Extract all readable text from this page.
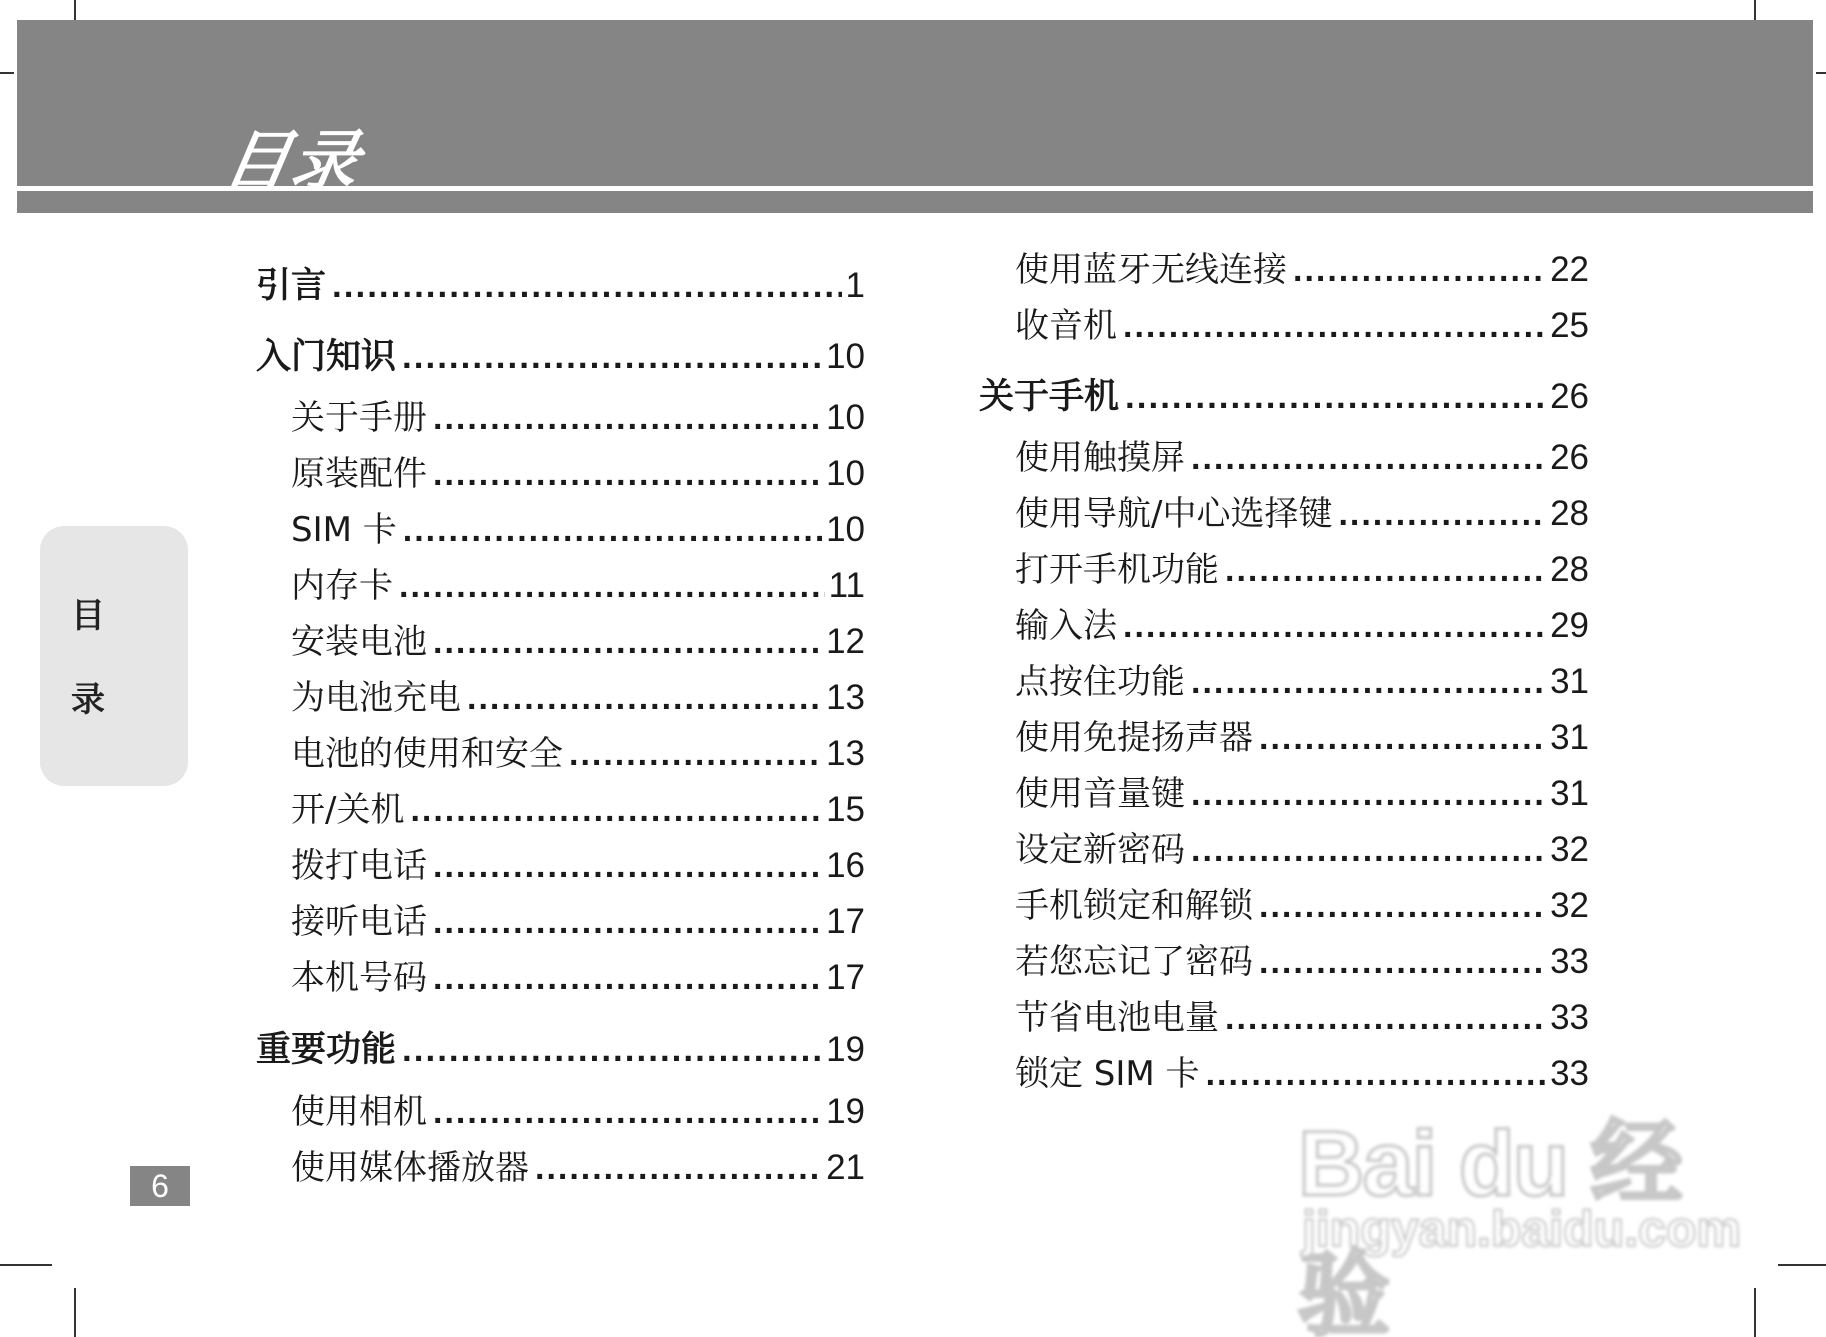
目录
目
录
6
引言 .....	1
入门知识 .....	10
关于手册 .....	10
原装配件 .....	10
SIM 卡 .....	10
内存卡 .....	11
安装电池 .....	12
为电池充电 .....	13
电池的使用和安全 .....	13
开/关机 .....	15
拨打电话 .....	16
接听电话 .....	17
本机号码 .....	17
重要功能 .....	19
使用相机 .....	19
使用媒体播放器 .....	21
使用蓝牙无线连接 .....	22
收音机 .....	25
关于手机 .....	26
使用触摸屏 .....	26
使用导航/中心选择键 .....	28
打开手机功能 .....	28
输入法 .....	29
点按住功能 .....	31
使用免提扬声器 .....	31
使用音量键 .....	31
设定新密码 .....	32
手机锁定和解锁 .....	32
若您忘记了密码 .....	33
节省电池电量 .....	33
锁定 SIM 卡 .....	33
Bai du 经验
jingyan.baidu.com
